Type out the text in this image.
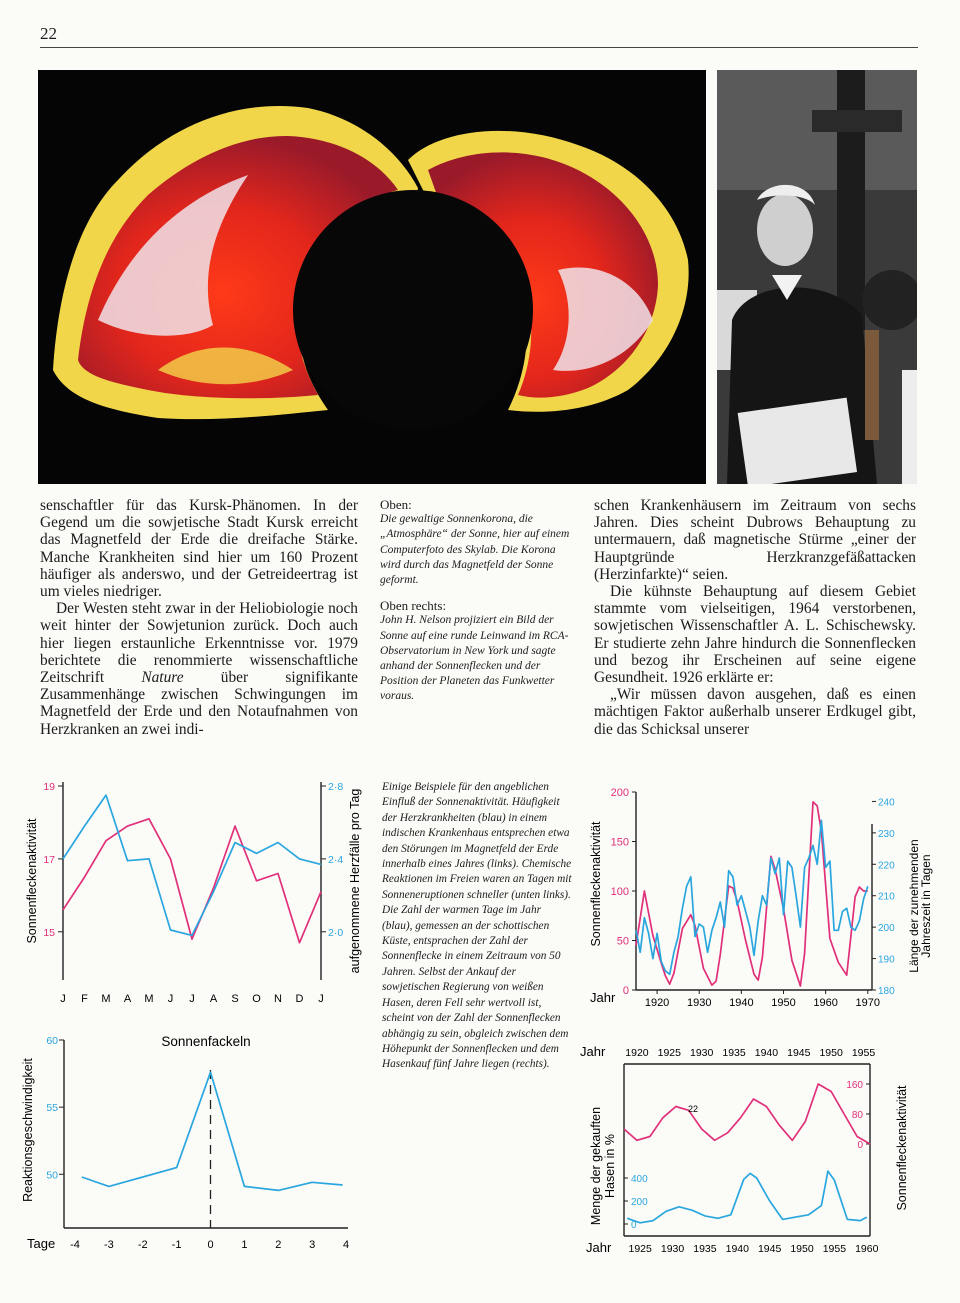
22

senschaftler für das Kursk-Phänomen. In der Gegend um die sowjetische Stadt Kursk erreicht das Magnetfeld der Erde die dreifache Stärke. Manche Krankheiten sind hier um 160 Prozent häufiger als anderswo, und der Getreideertrag ist um vieles niedriger.

Der Westen steht zwar in der Heliobiologie noch weit hinter der Sowjetunion zurück. Doch auch hier liegen erstaunliche Erkenntnisse vor. 1979 berichtete die renommierte wissenschaftliche Zeitschrift Nature über signifikante Zusammenhänge zwischen Schwingungen im Magnetfeld der Erde und den Notaufnahmen von Herzkranken an zwei indi-

Oben:
Die gewaltige Sonnenkorona, die „Atmosphäre“ der Sonne, hier auf einem Computerfoto des Skylab. Die Korona wird durch das Magnetfeld der Sonne geformt.
Oben rechts:
John H. Nelson projiziert ein Bild der Sonne auf eine runde Leinwand im RCA-Observatorium in New York und sagte anhand der Sonnenflecken und der Position der Planeten das Funkwetter voraus.

schen Krankenhäusern im Zeitraum von sechs Jahren. Dies scheint Dubrows Behauptung zu untermauern, daß magnetische Stürme „einer der Hauptgründe Herzkranzgefäßattacken (Herzinfarkte)“ seien.

Die kühnste Behauptung auf diesem Gebiet stammte vom vielseitigen, 1964 verstorbenen, sowjetischen Wissenschaftler A. L. Schischewsky. Er studierte zehn Jahre hindurch die Sonnenflecken und bezog ihr Erscheinen auf seine eigene Gesundheit. 1926 erklärte er:

„Wir müssen davon ausgehen, daß es einen mächtigen Faktor außerhalb unserer Erdkugel gibt, die das Schicksal unserer

Einige Beispiele für den angeblichen Einfluß der Sonnenaktivität. Häufigkeit der Herzkrankheiten (blau) in einem indischen Krankenhaus entsprechen etwa den Störungen im Magnetfeld der Erde innerhalb eines Jahres (links). Chemische Reaktionen im Freien waren an Tagen mit Sonneneruptionen schneller (unten links). Die Zahl der warmen Tage im Jahr (blau), gemessen an der schottischen Küste, entsprachen der Zahl der Sonnenflecke in einem Zeitraum von 50 Jahren. Selbst der Ankauf der sowjetischen Regierung von weißen Hasen, deren Fell sehr wertvoll ist, scheint von der Zahl der Sonnenflecken abhängig zu sein, obgleich zwischen dem Höhepunkt der Sonnenflecken und dem Hasenkauf fünf Jahre liegen (rechts).
19
17
15
2·8
2·4
2·0
J F M A M J J A S O N D J
Sonnenfleckenaktivität	aufgenommene Herzfälle pro Tag	200
150
100
50
0
240
230
220
210
200
190
180
1920 1930 1940 1950 1960 1970
Jahr
Sonnenfleckenaktivität	Länge der zunehmendenJahreszeit in Tagen
60
55
50
-4 -3 -2 -1 0	1	2	3	4
Sonnenfackeln
Tage
Reaktionsgeschwindigkeit
1920 1925 1930 1935 1940 1945 1950 1955
1925 1930 1935 1940 1945 1950 1955 1960
400
200
0
160
80
0
Jahr
Jahr
22
Menge der gekauftenHasen in %	Sonnenfleckenaktivität
